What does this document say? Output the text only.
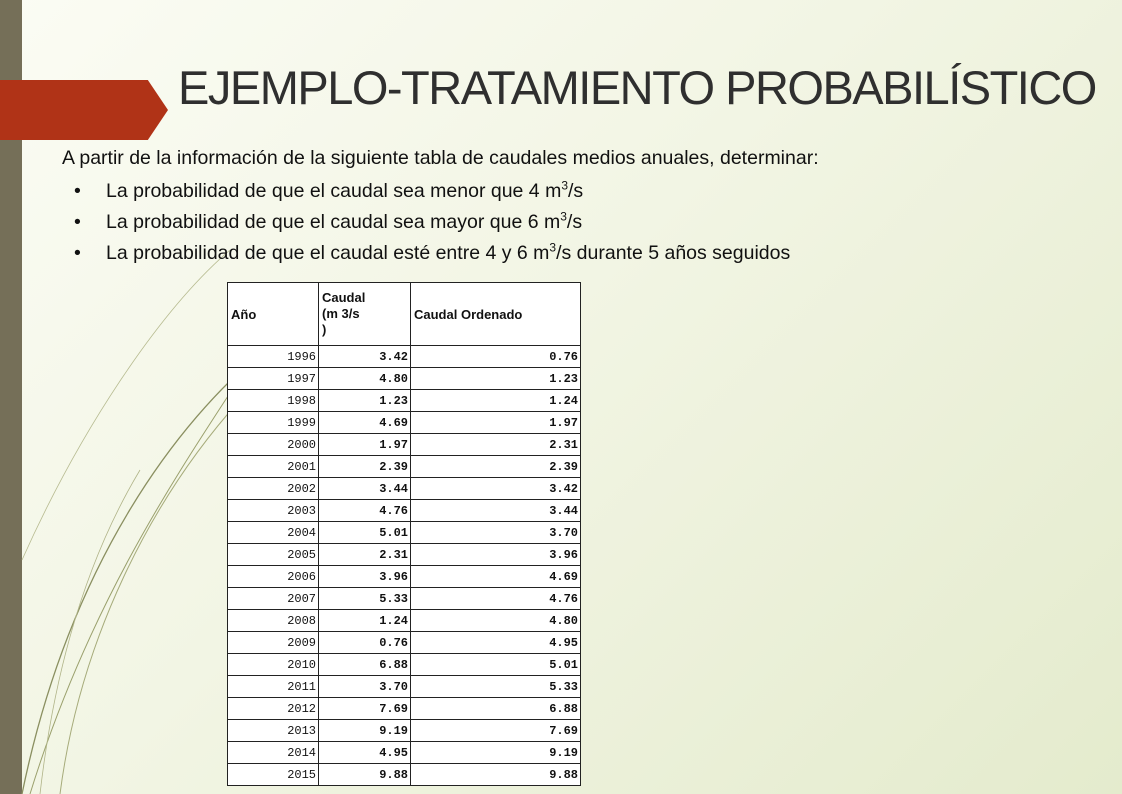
EJEMPLO-TRATAMIENTO PROBABILÍSTICO
A partir de la información de la siguiente tabla de caudales medios anuales, determinar:
• La probabilidad de que el caudal sea menor que 4 $m^3/s$
• La probabilidad de que el caudal sea mayor que 6 $m^3/s$
• La probabilidad de que el caudal esté entre 4 y 6 $m^3/s$ durante 5 años seguidos
Año	Caudal
(m 3/s
)	Caudal Ordenado
1996	3.42	0.76
1997	4.80	1.23
1998	1.23	1.24
1999	4.69	1.97
2000	1.97	2.31
2001	2.39	2.39
2002	3.44	3.42
2003	4.76	3.44
2004	5.01	3.70
2005	2.31	3.96
2006	3.96	4.69
2007	5.33	4.76
2008	1.24	4.80
2009	0.76	4.95
2010	6.88	5.01
2011	3.70	5.33
2012	7.69	6.88
2013	9.19	7.69
2014	4.95	9.19
2015	9.88	9.88
